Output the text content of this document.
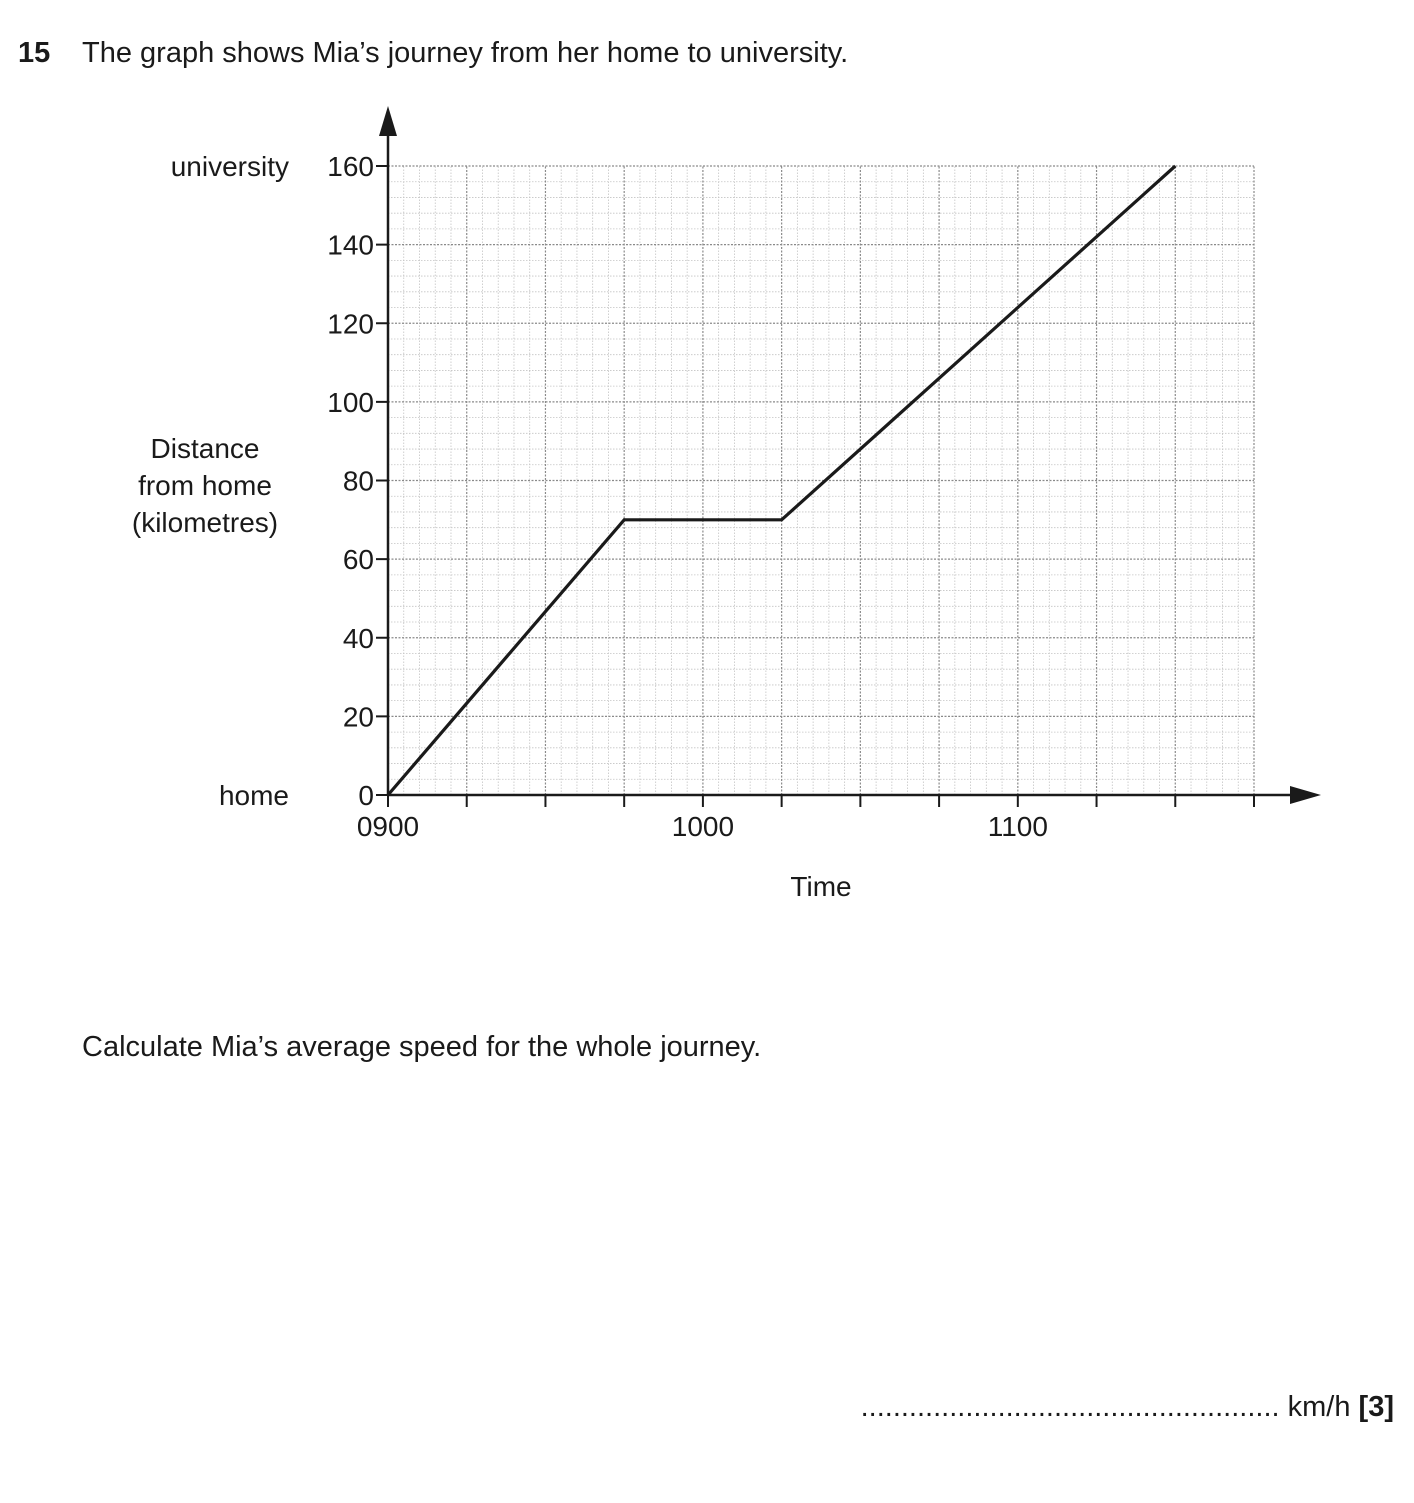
15 The graph shows Mia’s journey from her home to university.
0
20
40
60
80
100
120
140
160
0900	1000	1100
university
home
Distance
from home
(kilometres)
Time
Calculate Mia’s average speed for the whole journey.
.................................................... km/h [3]
